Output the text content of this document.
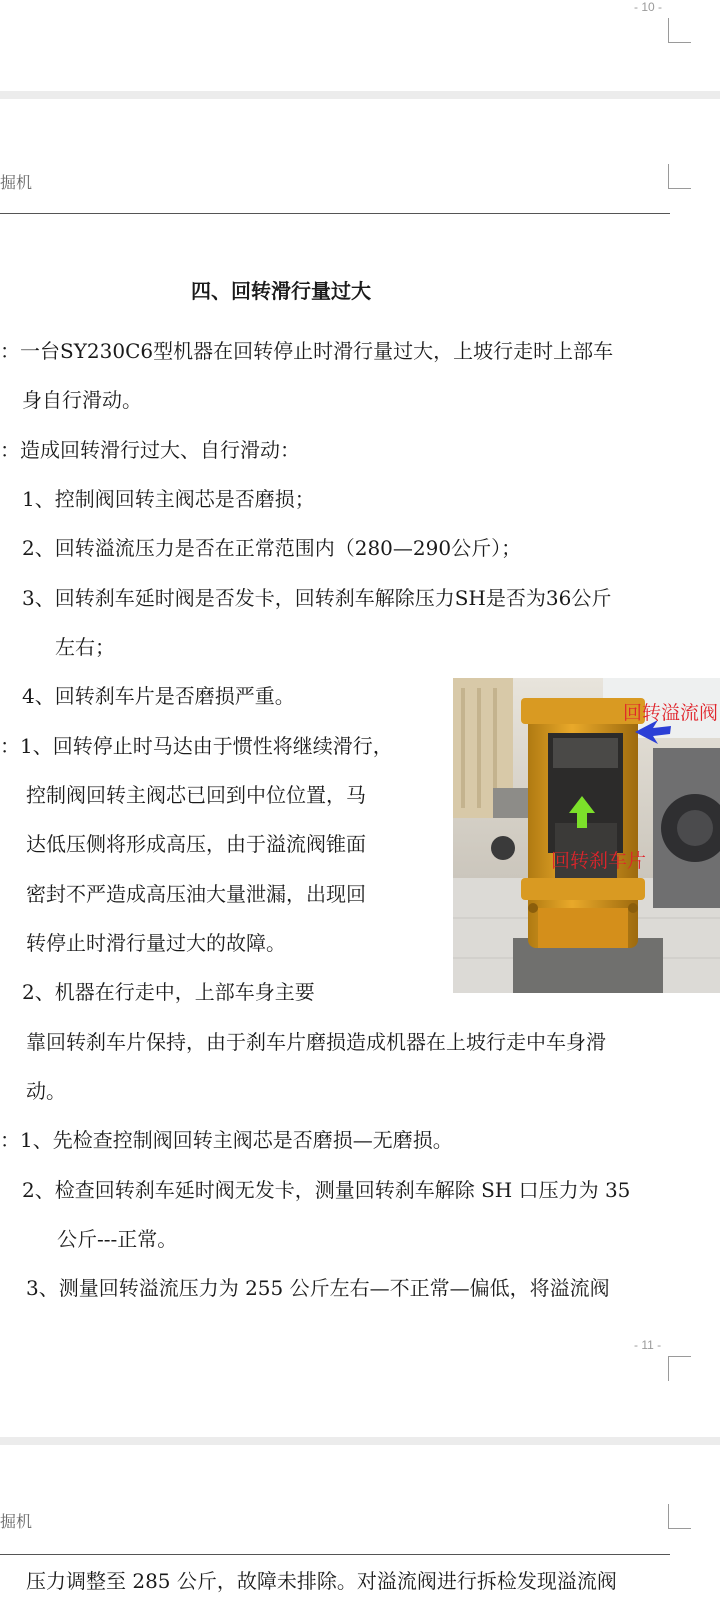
- 10 -
掘机
四、回转滑行量过大
：一台SY230C6型机器在回转停止时滑行量过大，上坡行走时上部车
身自行滑动。
：造成回转滑行过大、自行滑动：
1、控制阀回转主阀芯是否磨损；
2、回转溢流压力是否在正常范围内（280—290公斤）；
3、回转刹车延时阀是否发卡，回转刹车解除压力SH是否为36公斤
左右；
4、回转刹车片是否磨损严重。
：1、回转停止时马达由于惯性将继续滑行，
控制阀回转主阀芯已回到中位位置，马
达低压侧将形成高压，由于溢流阀锥面
密封不严造成高压油大量泄漏，出现回
转停止时滑行量过大的故障。
2、机器在行走中，上部车身主要
靠回转刹车片保持，由于刹车片磨损造成机器在上坡行走中车身滑
动。
：1、先检查控制阀回转主阀芯是否磨损—无磨损。
2、检查回转刹车延时阀无发卡，测量回转刹车解除 SH 口压力为 35
公斤---正常。
3、测量回转溢流压力为 255 公斤左右—不正常—偏低，将溢流阀
回转溢流阀
回转刹车片
- 11 -
掘机
压力调整至 285 公斤，故障未排除。对溢流阀进行拆检发现溢流阀
